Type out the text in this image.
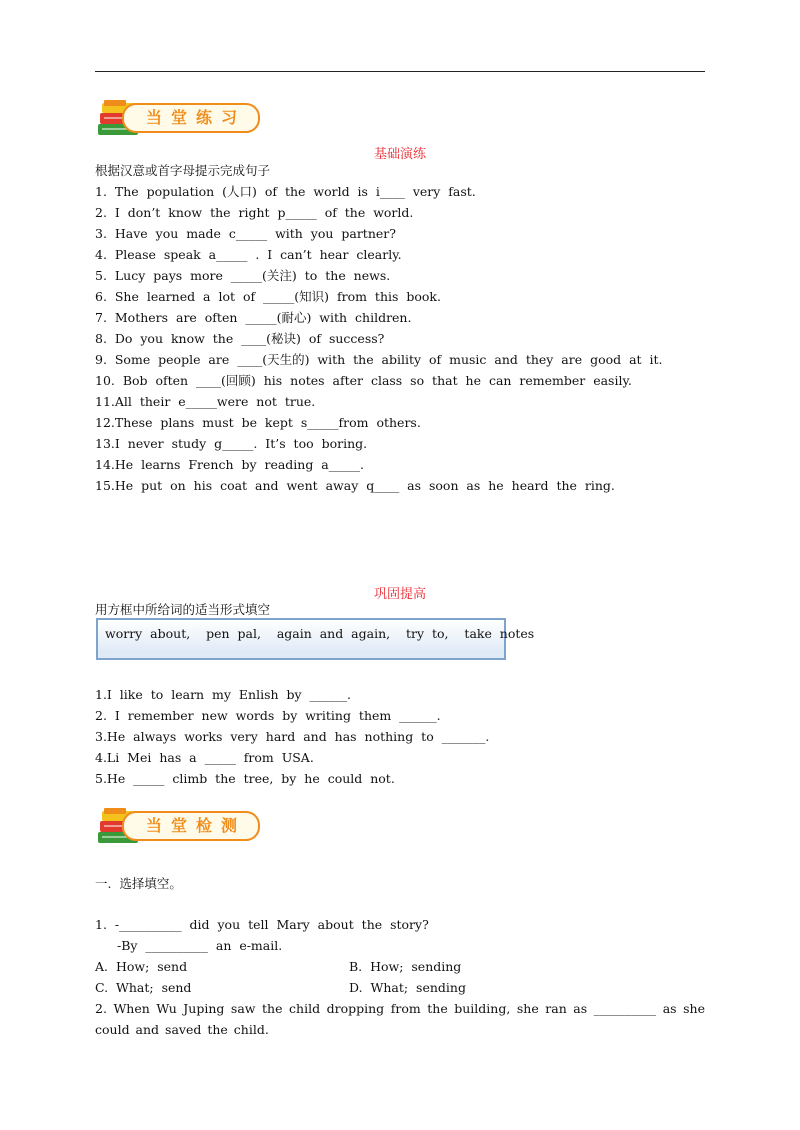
当堂练习
基础演练
根据汉意或首字母提示完成句子
1.  The  population  (人口)  of  the  world  is  i____  very  fast.
2.  I  don’t  know  the  right  p_____  of  the  world.
3.  Have  you  made  c_____  with  you  partner?
4.  Please  speak  a_____  .  I  can’t  hear  clearly.
5.  Lucy  pays  more  _____(关注)  to  the  news.
6.  She  learned  a  lot  of  _____(知识)  from  this  book.
7.  Mothers  are  often  _____(耐心)  with  children.
8.  Do  you  know  the  ____(秘诀)  of  success?
9.  Some  people  are  ____(天生的)  with  the  ability  of  music  and  they  are  good  at  it.
10.  Bob  often  ____(回顾)  his  notes  after  class  so  that  he  can  remember  easily.
11.All  their  e_____were  not  true.
12.These  plans  must  be  kept  s_____from  others.
13.I  never  study  g_____.  It’s  too  boring.
14.He  learns  French  by  reading  a_____.
15.He  put  on  his  coat  and  went  away  q____  as  soon  as  he  heard  the  ring.
巩固提高
用方框中所给词的适当形式填空
worry  about,    pen  pal,    again  and  again,    try  to,    take  notes
1.I  like  to  learn  my  Enlish  by  ______.
2.  I  remember  new  words  by  writing  them  ______.
3.He  always  works  very  hard  and  has  nothing  to  _______.
4.Li  Mei  has  a  _____  from  USA.
5.He  _____  climb  the  tree,  by  he  could  not.
当堂检测
一.  选择填空。
1.  -__________  did  you  tell  Mary  about  the  story?
-By  __________  an  e-mail.
A.  How;  send	B.  How;  sending
C.  What;  send	D.  What;  sending
2. When Wu Juping saw the child dropping from the building, she ran as __________ as she could and saved the child.
